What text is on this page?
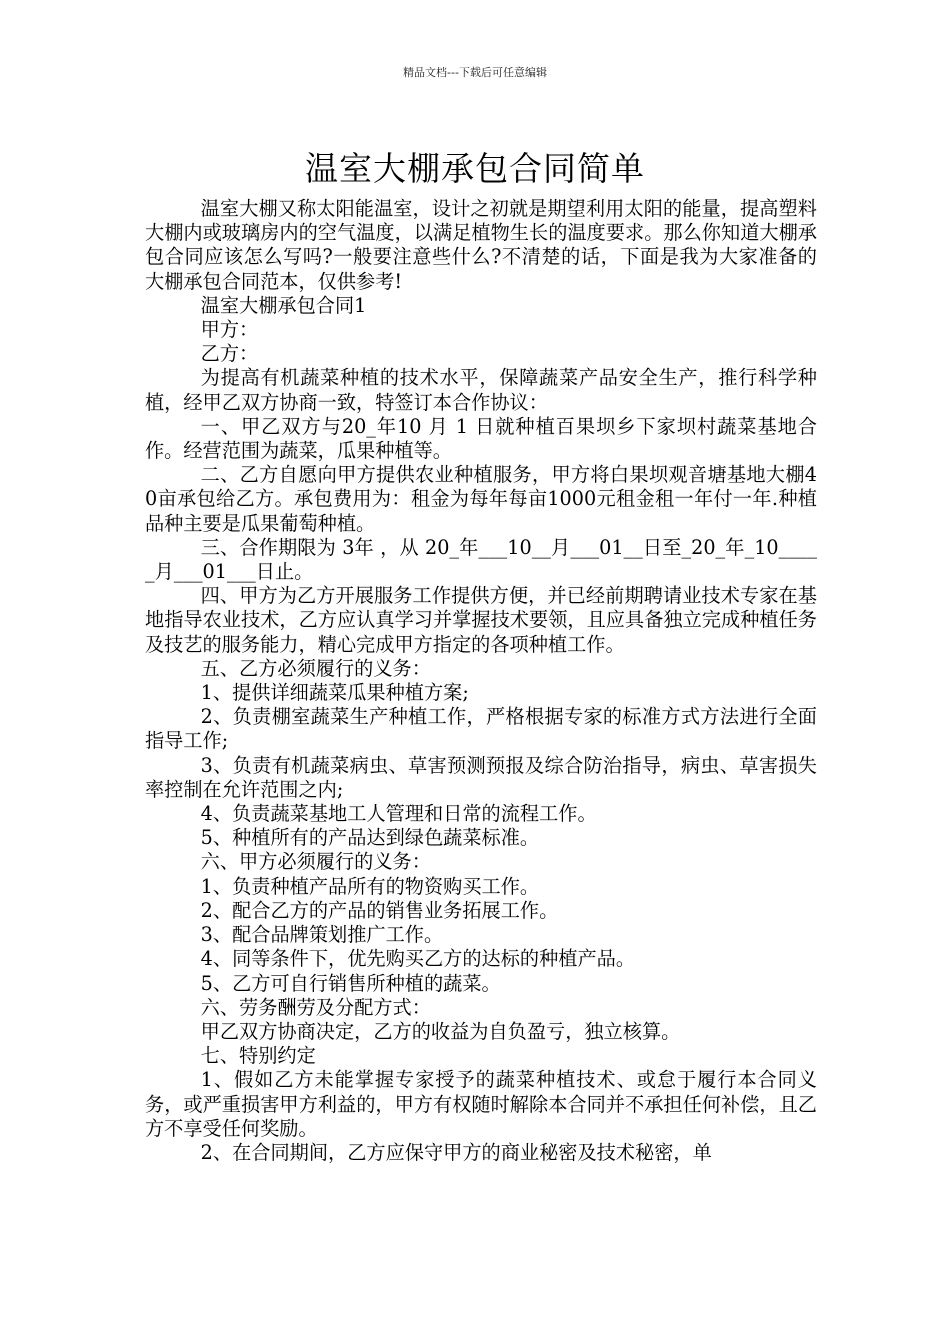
精品文档---下载后可任意编辑
温室大棚承包合同简单

温室大棚又称太阳能温室，设计之初就是期望利用太阳的能量，提高塑料大棚内或玻璃房内的空气温度，以满足植物生长的温度要求。那么你知道大棚承包合同应该怎么写吗?一般要注意些什么?不清楚的话，下面是我为大家准备的大棚承包合同范本，仅供参考!

温室大棚承包合同1

甲方：

乙方：

为提高有机蔬菜种植的技术水平，保障蔬菜产品安全生产，推行科学种植，经甲乙双方协商一致，特签订本合作协议：

一、甲乙双方与20_年10 月 1 日就种植百果坝乡下家坝村蔬菜基地合作。经营范围为蔬菜，瓜果种植等。

二、乙方自愿向甲方提供农业种植服务，甲方将白果坝观音塘基地大棚40亩承包给乙方。承包费用为：租金为每年每亩1000元租金租一年付一年.种植品种主要是瓜果葡萄种植。

三、合作期限为 3年 ，从 20_年___10__月___01__日至_20_年_10_____月___01___日止。

四、甲方为乙方开展服务工作提供方便，并已经前期聘请业技术专家在基地指导农业技术，乙方应认真学习并掌握技术要领，且应具备独立完成种植任务及技艺的服务能力，精心完成甲方指定的各项种植工作。

五、乙方必须履行的义务：

1、提供详细蔬菜瓜果种植方案;

2、负责棚室蔬菜生产种植工作，严格根据专家的标准方式方法进行全面指导工作;

3、负责有机蔬菜病虫、草害预测预报及综合防治指导，病虫、草害损失率控制在允许范围之内;

4、负责蔬菜基地工人管理和日常的流程工作。

5、种植所有的产品达到绿色蔬菜标准。

六、甲方必须履行的义务：

1、负责种植产品所有的物资购买工作。

2、配合乙方的产品的销售业务拓展工作。

3、配合品牌策划推广工作。

4、同等条件下，优先购买乙方的达标的种植产品。

5、乙方可自行销售所种植的蔬菜。

六、劳务酬劳及分配方式：

甲乙双方协商决定，乙方的收益为自负盈亏，独立核算。

七、特别约定

1、假如乙方未能掌握专家授予的蔬菜种植技术、或怠于履行本合同义务，或严重损害甲方利益的，甲方有权随时解除本合同并不承担任何补偿，且乙方不享受任何奖励。

2、在合同期间，乙方应保守甲方的商业秘密及技术秘密，单
